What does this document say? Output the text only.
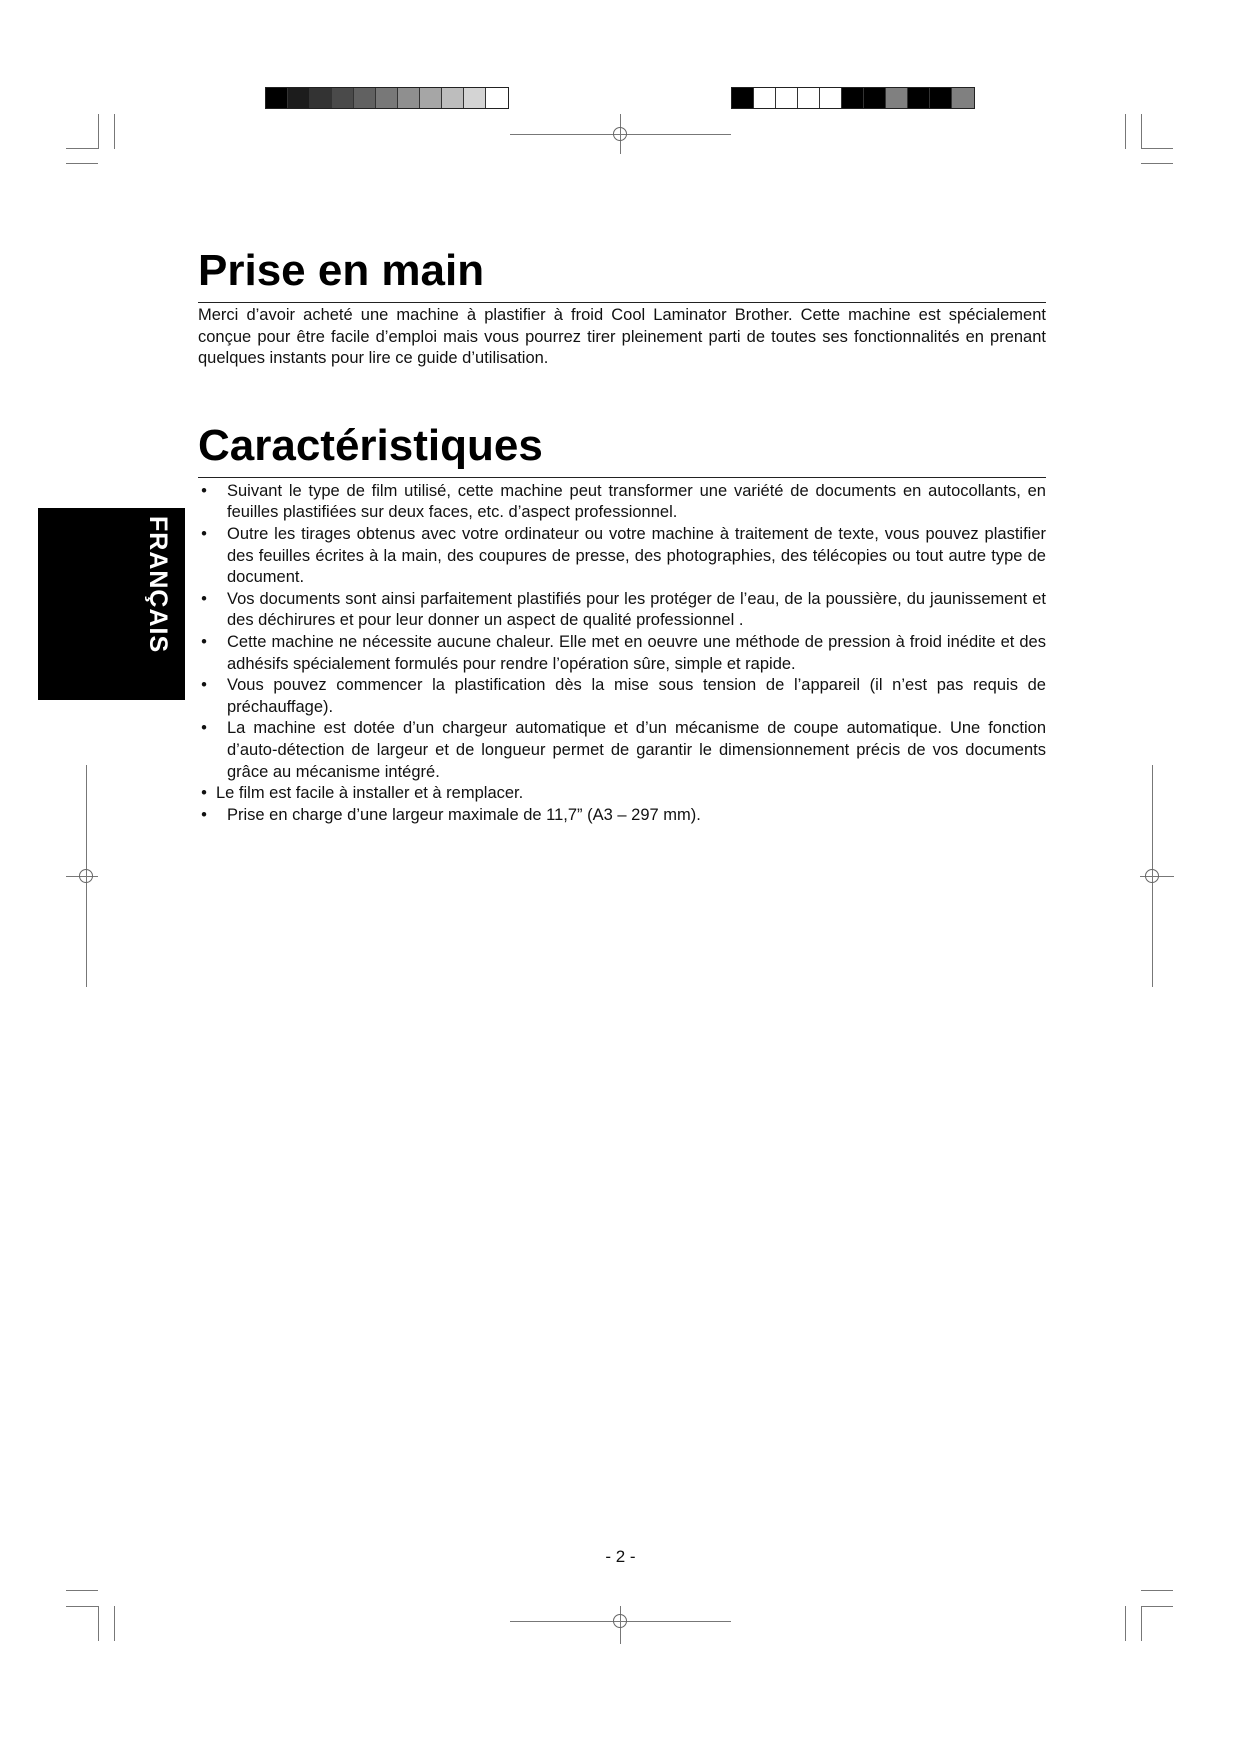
FRANÇAIS
Prise en main

Merci d’avoir acheté une machine à plastifier à froid Cool Laminator Brother. Cette machine est spécialement conçue pour être facile d’emploi mais vous pourrez tirer pleinement parti de toutes ses fonctionnalités en prenant quelques instants pour lire ce guide d’utilisation.

Caractéristiques
• Suivant le type de film utilisé, cette machine peut transformer une variété de documents en autocollants, en feuilles plastifiées sur deux faces, etc. d’aspect professionnel.
• Outre les tirages obtenus avec votre ordinateur ou votre machine à traitement de texte, vous pouvez plastifier des feuilles écrites à la main, des coupures de presse, des photographies, des télécopies ou tout autre type de document.
• Vos documents sont ainsi parfaitement plastifiés pour les protéger de l’eau, de la poussière, du jaunissement et des déchirures et pour leur donner un aspect de qualité professionnel .
• Cette machine ne nécessite aucune chaleur. Elle met en oeuvre une méthode de pression à froid inédite et des adhésifs spécialement formulés pour rendre l’opération sûre, simple et rapide.
• Vous pouvez commencer la plastification dès la mise sous tension de l’appareil (il n’est pas requis de préchauffage).
• La machine est dotée d’un chargeur automatique et d’un mécanisme de coupe automatique. Une fonction d’auto-détection de largeur et de longueur permet de garantir le dimensionnement précis de vos documents grâce au mécanisme intégré.
• Le film est facile à installer et à remplacer.
• Prise en charge d’une largeur maximale de 11,7” (A3 – 297 mm).
- 2 -
